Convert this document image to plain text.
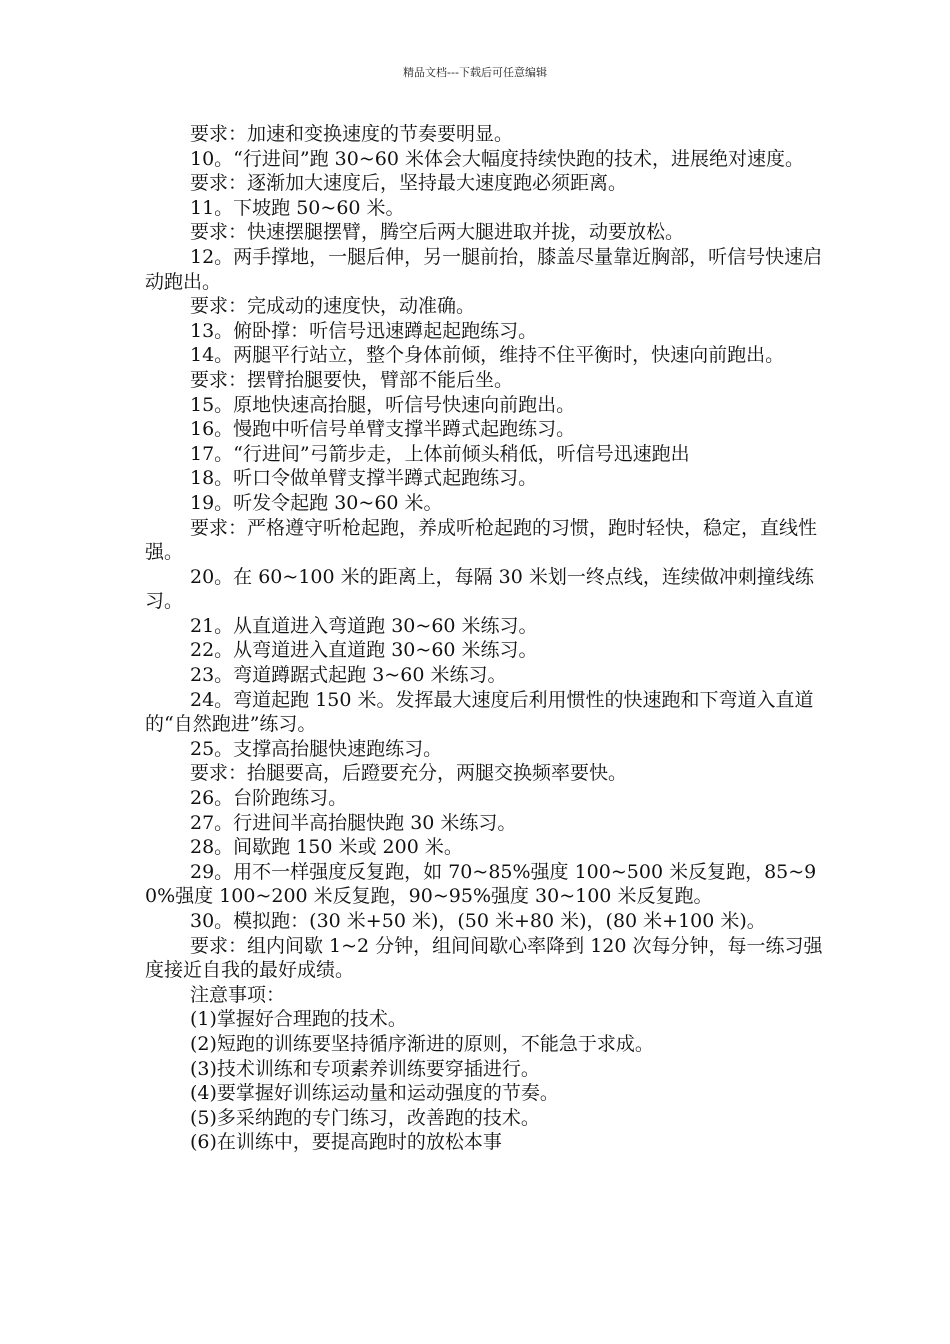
精品文档---下载后可任意编辑

要求：加速和变换速度的节奏要明显。

10。“行进间”跑 30~60 米体会大幅度持续快跑的技术，进展绝对速度。

要求：逐渐加大速度后，坚持最大速度跑必须距离。

11。下坡跑 50~60 米。

要求：快速摆腿摆臂，腾空后两大腿进取并拢，动要放松。

12。两手撑地，一腿后伸，另一腿前抬，膝盖尽量靠近胸部，听信号快速启动跑出。

要求：完成动的速度快，动准确。

13。俯卧撑：听信号迅速蹲起起跑练习。

14。两腿平行站立，整个身体前倾，维持不住平衡时，快速向前跑出。

要求：摆臂抬腿要快，臂部不能后坐。

15。原地快速高抬腿，听信号快速向前跑出。

16。慢跑中听信号单臂支撑半蹲式起跑练习。

17。“行进间”弓箭步走，上体前倾头稍低，听信号迅速跑出

18。听口令做单臂支撑半蹲式起跑练习。

19。听发令起跑 30~60 米。

要求：严格遵守听枪起跑，养成听枪起跑的习惯，跑时轻快，稳定，直线性强。

20。在 60~100 米的距离上，每隔 30 米划一终点线，连续做冲刺撞线练习。

21。从直道进入弯道跑 30~60 米练习。

22。从弯道进入直道跑 30~60 米练习。

23。弯道蹲踞式起跑 3~60 米练习。

24。弯道起跑 150 米。发挥最大速度后利用惯性的快速跑和下弯道入直道的“自然跑进”练习。

25。支撑高抬腿快速跑练习。

要求：抬腿要高，后蹬要充分，两腿交换频率要快。

26。台阶跑练习。

27。行进间半高抬腿快跑 30 米练习。

28。间歇跑 150 米或 200 米。

29。用不一样强度反复跑，如 70~85%强度 100~500 米反复跑，85~90%强度 100~200 米反复跑，90~95%强度 30~100 米反复跑。

30。模拟跑：(30 米+50 米)，(50 米+80 米)，(80 米+100 米)。

要求：组内间歇 1~2 分钟，组间间歇心率降到 120 次每分钟，每一练习强度接近自我的最好成绩。

注意事项：

(1)掌握好合理跑的技术。

(2)短跑的训练要坚持循序渐进的原则，不能急于求成。

(3)技术训练和专项素养训练要穿插进行。

(4)要掌握好训练运动量和运动强度的节奏。

(5)多采纳跑的专门练习，改善跑的技术。

(6)在训练中，要提高跑时的放松本事
